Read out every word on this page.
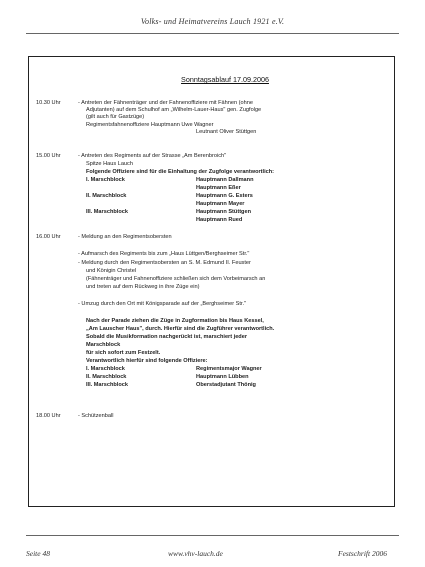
Volks- und Heimatvereins Lauch 1921 e.V.
Sonntagsablauf 17.09.2006
10.30 Uhr	- Antreten der Fähnenträger und der Fahnenoffiziere mit Fähnen (ohne
Adjutanten) auf dem Schulhof am „Wilhelm-Lauer-Haus" gen. Zugfolge
(gilt auch für Gastzüge)
Regimentsfahnenoffiziere Hauptmann Uwe Wagner
Leutnant Oliver Stüttgen
15.00 Uhr	- Antreten des Regiments auf der Strasse „Am Berenbroich"
Spitze Haus Lauch
Folgende Offiziere sind für die Einhaltung der Zugfolge verantwortlich:
I. Marschblock	Hauptmann Dallmann
Hauptmann Eßer
II. Marschblock	Hauptmann G. Esters
Hauptmann Mayer
III. Marschblock	Hauptmann Stüttgen
Hauptmann Rued
16.00 Uhr	- Meldung an den Regimentsobersten
- Aufmarsch des Regiments bis zum „Haus Lüttgen/Berghseimer Str."
- Meldung durch den Regimentsobersten an S. M. Edmund II. Feuster
und Königin Christel
(Fähnenträger und Fahnenoffiziere schließen sich dem Vorbeimarsch an
und treten auf dem Rückweg in ihre Züge ein)
- Umzug durch den Ort mit Königsparade auf der „Berghseimer Str."
Nach der Parade ziehen die Züge in Zugformation bis Haus Kessel,
„Am Lauscher Haus", durch. Hierfür sind die Zugführer verantwortlich.
Sobald die Musikformation nachgerückt ist, marschiert jeder
Marschblock
für sich sofort zum Festzelt.
Verantwortlich hierfür sind folgende Offiziere:
I. Marschblock	Regimentsmajor Wagner
II. Marschblock	Hauptmann Lübben
III. Marschblock	Oberstadjutant Thönig
18.00 Uhr	- Schützenball
Seite 48	www.vhv-lauch.de	Festschrift 2006
